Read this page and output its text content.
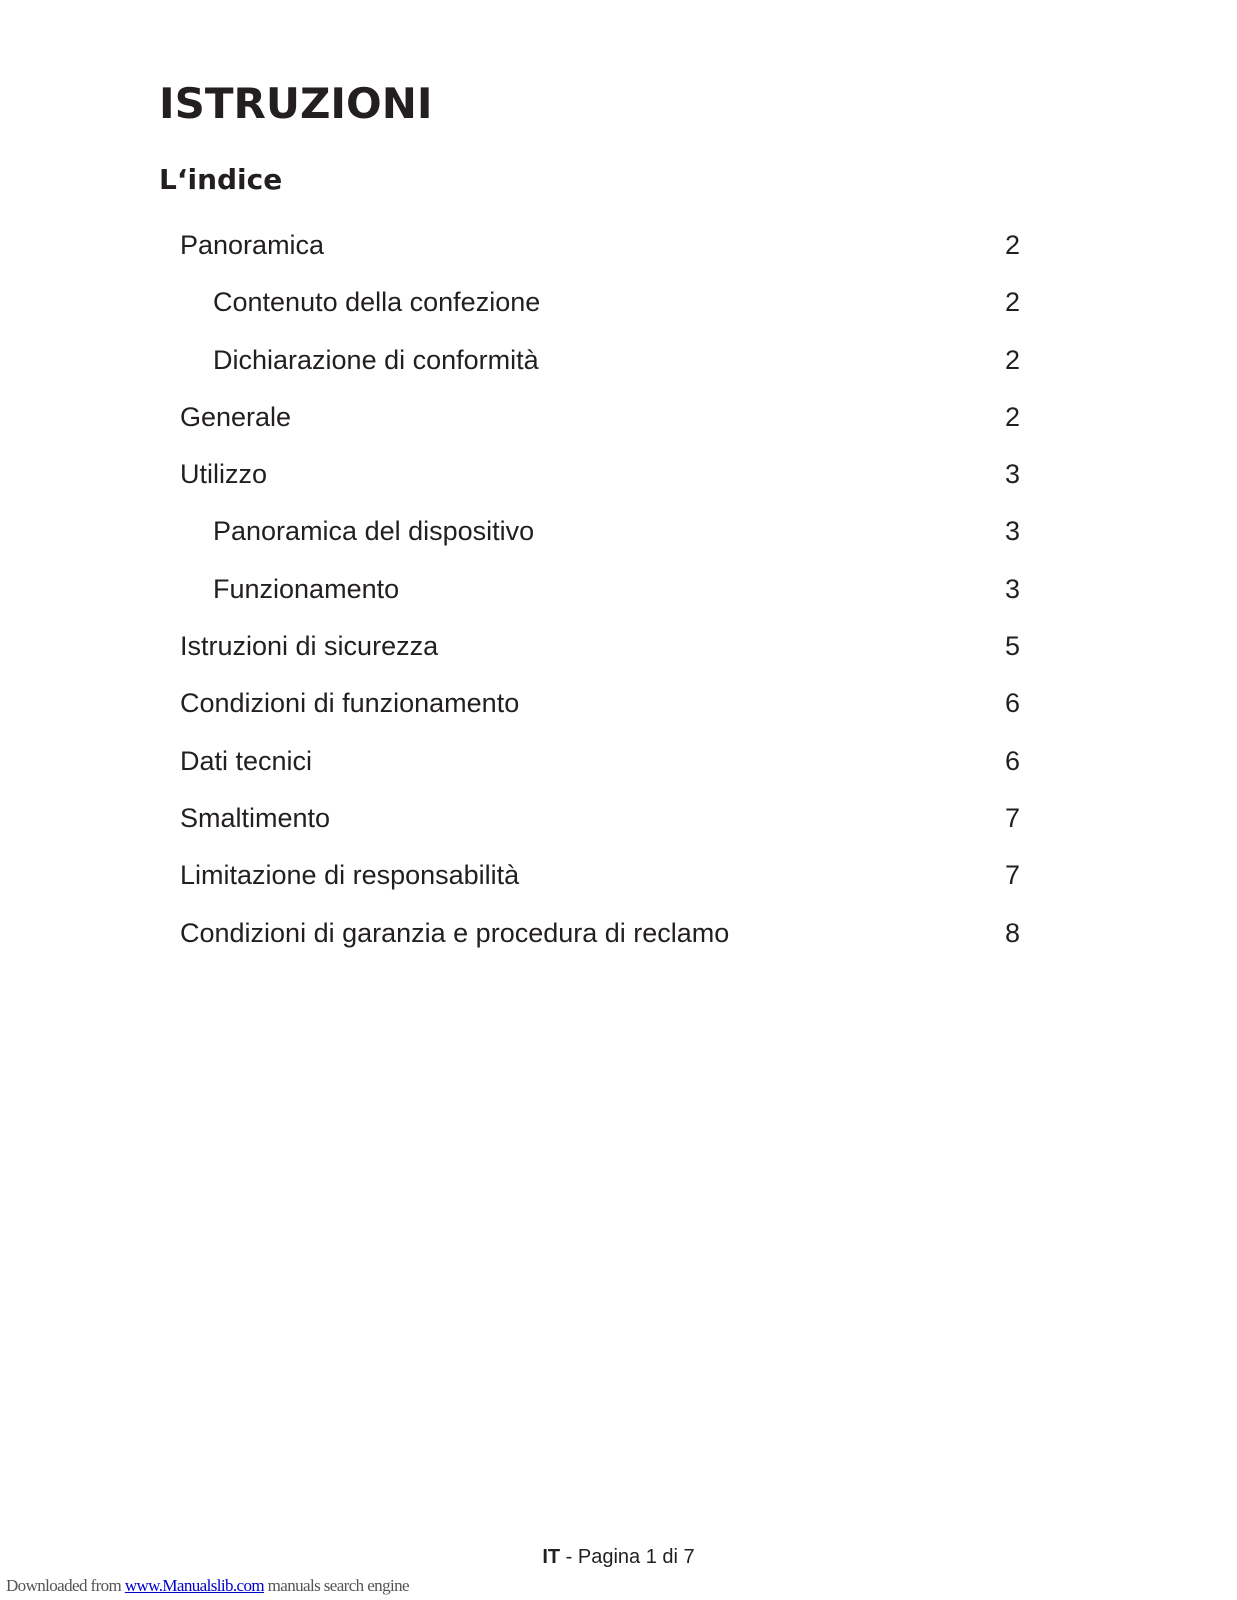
ISTRUZIONI
L‘indice
Panoramica	2
Contenuto della confezione	2
Dichiarazione di conformità	2
Generale	2
Utilizzo	3
Panoramica del dispositivo	3
Funzionamento	3
Istruzioni di sicurezza	5
Condizioni di funzionamento	6
Dati tecnici	6
Smaltimento	7
Limitazione di responsabilità	7
Condizioni di garanzia e procedura di reclamo	8
IT - Pagina 1 di 7
Downloaded from www.Manualslib.com manuals search engine
